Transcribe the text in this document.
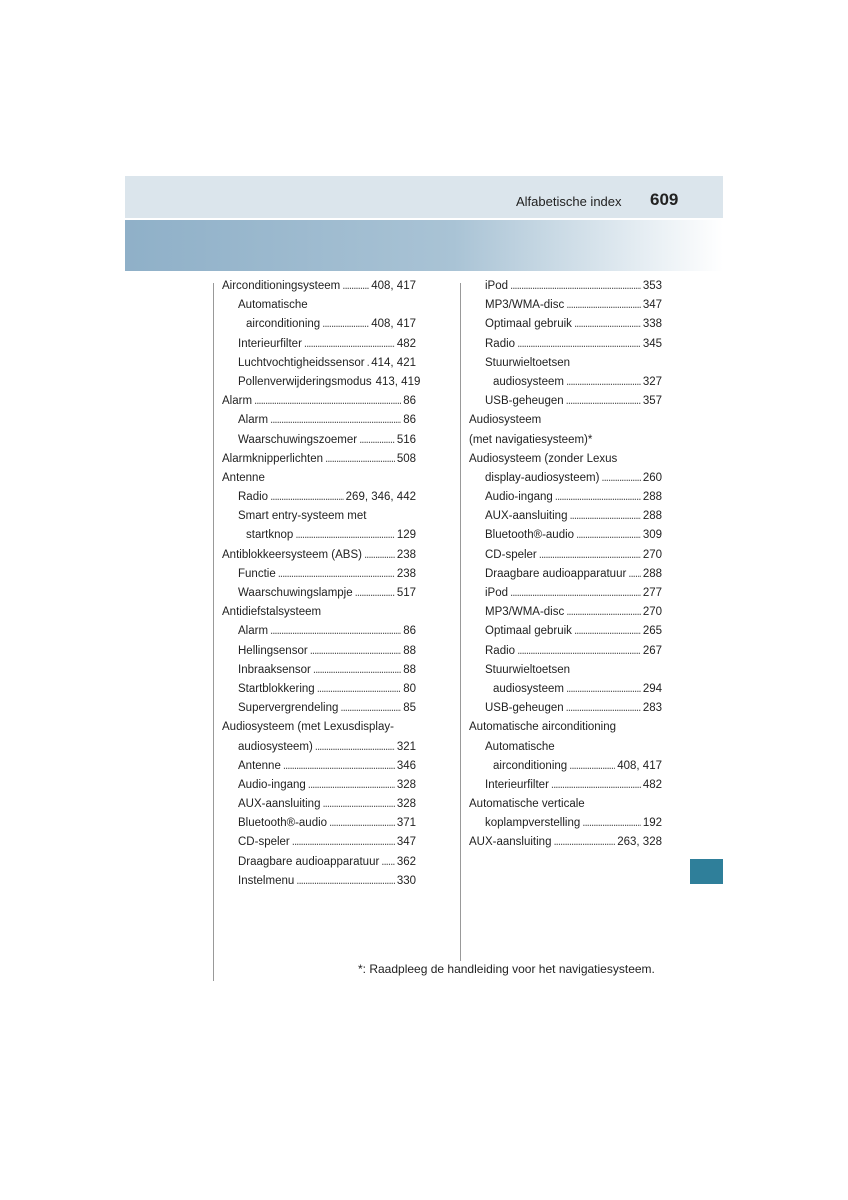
Alfabetische index 609
Airconditioningsysteem .....	408, 417
Automatische
airconditioning .....	408, 417
Interieurfilter .....	482
Luchtvochtigheidssensor ..... 414, 421
Pollenverwijderingsmodus 413, 419
Alarm .....	86
Alarm .....	86
Waarschuwingszoemer .....	516
Alarmknipperlichten .....	508
Antenne
Radio .....	269, 346, 442
Smart entry-systeem met
startknop .....	129
Antiblokkeersysteem (ABS) .....	238
Functie .....	238
Waarschuwingslampje .....	517
Antidiefstalsysteem
Alarm .....	86
Hellingsensor .....	88
Inbraaksensor .....	88
Startblokkering .....	80
Supervergrendeling .....	85
Audiosysteem (met Lexusdisplay-
audiosysteem) .....	321
Antenne .....	346
Audio-ingang .....	328
AUX-aansluiting .....	328
Bluetooth®-audio .....	371
CD-speler .....	347
Draagbare audioapparatuur ..... 362
Instelmenu .....	330
iPod .....	353
MP3/WMA-disc .....	347
Optimaal gebruik .....	338
Radio .....	345
Stuurwieltoetsen
audiosysteem .....	327
USB-geheugen .....	357
Audiosysteem
(met navigatiesysteem)*
Audiosysteem (zonder Lexus
display-audiosysteem) .....	260
Audio-ingang .....	288
AUX-aansluiting .....	288
Bluetooth®-audio .....	309
CD-speler .....	270
Draagbare audioapparatuur ..... 288
iPod .....	277
MP3/WMA-disc .....	270
Optimaal gebruik .....	265
Radio .....	267
Stuurwieltoetsen
audiosysteem .....	294
USB-geheugen .....	283
Automatische airconditioning
Automatische
airconditioning .....	408, 417
Interieurfilter .....	482
Automatische verticale
koplampverstelling .....	192
AUX-aansluiting .....	263, 328
*: Raadpleeg de handleiding voor het navigatiesysteem.
